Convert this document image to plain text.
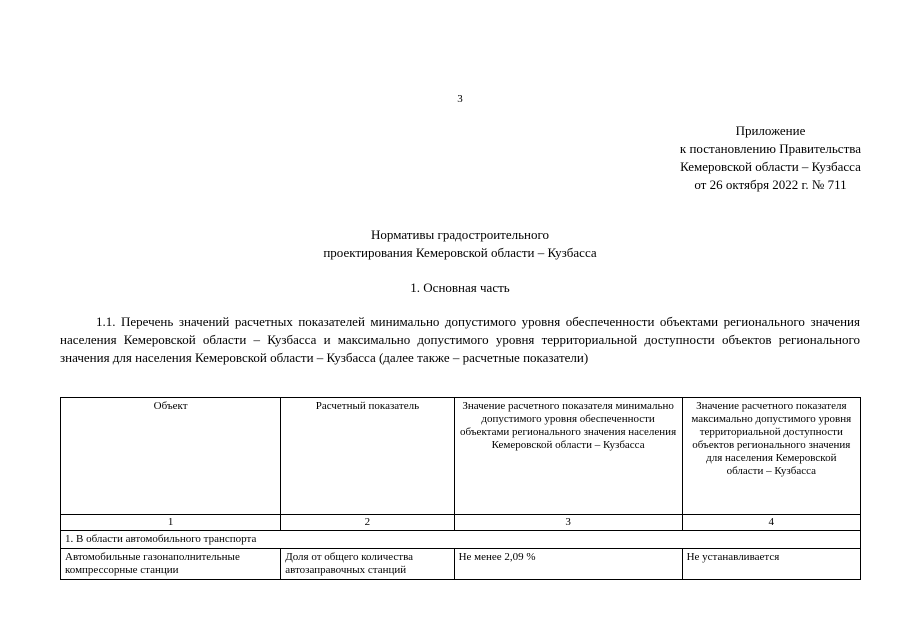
3
Приложение
к постановлению Правительства
Кемеровской области – Кузбасса
от 26 октября 2022 г. № 711
Нормативы градостроительного
проектирования Кемеровской области – Кузбасса
1. Основная часть

1.1. Перечень значений расчетных показателей минимально допустимого уровня обеспеченности объектами регионального значения населения Кемеровской области – Кузбасса и максимально допустимого уровня территориальной доступности объектов регионального значения для населения Кемеровской области – Кузбасса (далее также – расчетные показатели)

Объект	Расчетный показатель	Значение расчетного показателя минимально допустимого уровня обеспеченности объектами регионального значения населения Кемеровской области – Кузбасса	Значение расчетного показателя максимально допустимого уровня территориальной доступности объектов регионального значения для населения Кемеровской области – Кузбасса
1	2	3	4
1. В области автомобильного транспорта			
Автомобильные газонаполнительные компрессорные станции	Доля от общего количества автозаправочных станций	Не менее 2,09 %	Не устанавливается
